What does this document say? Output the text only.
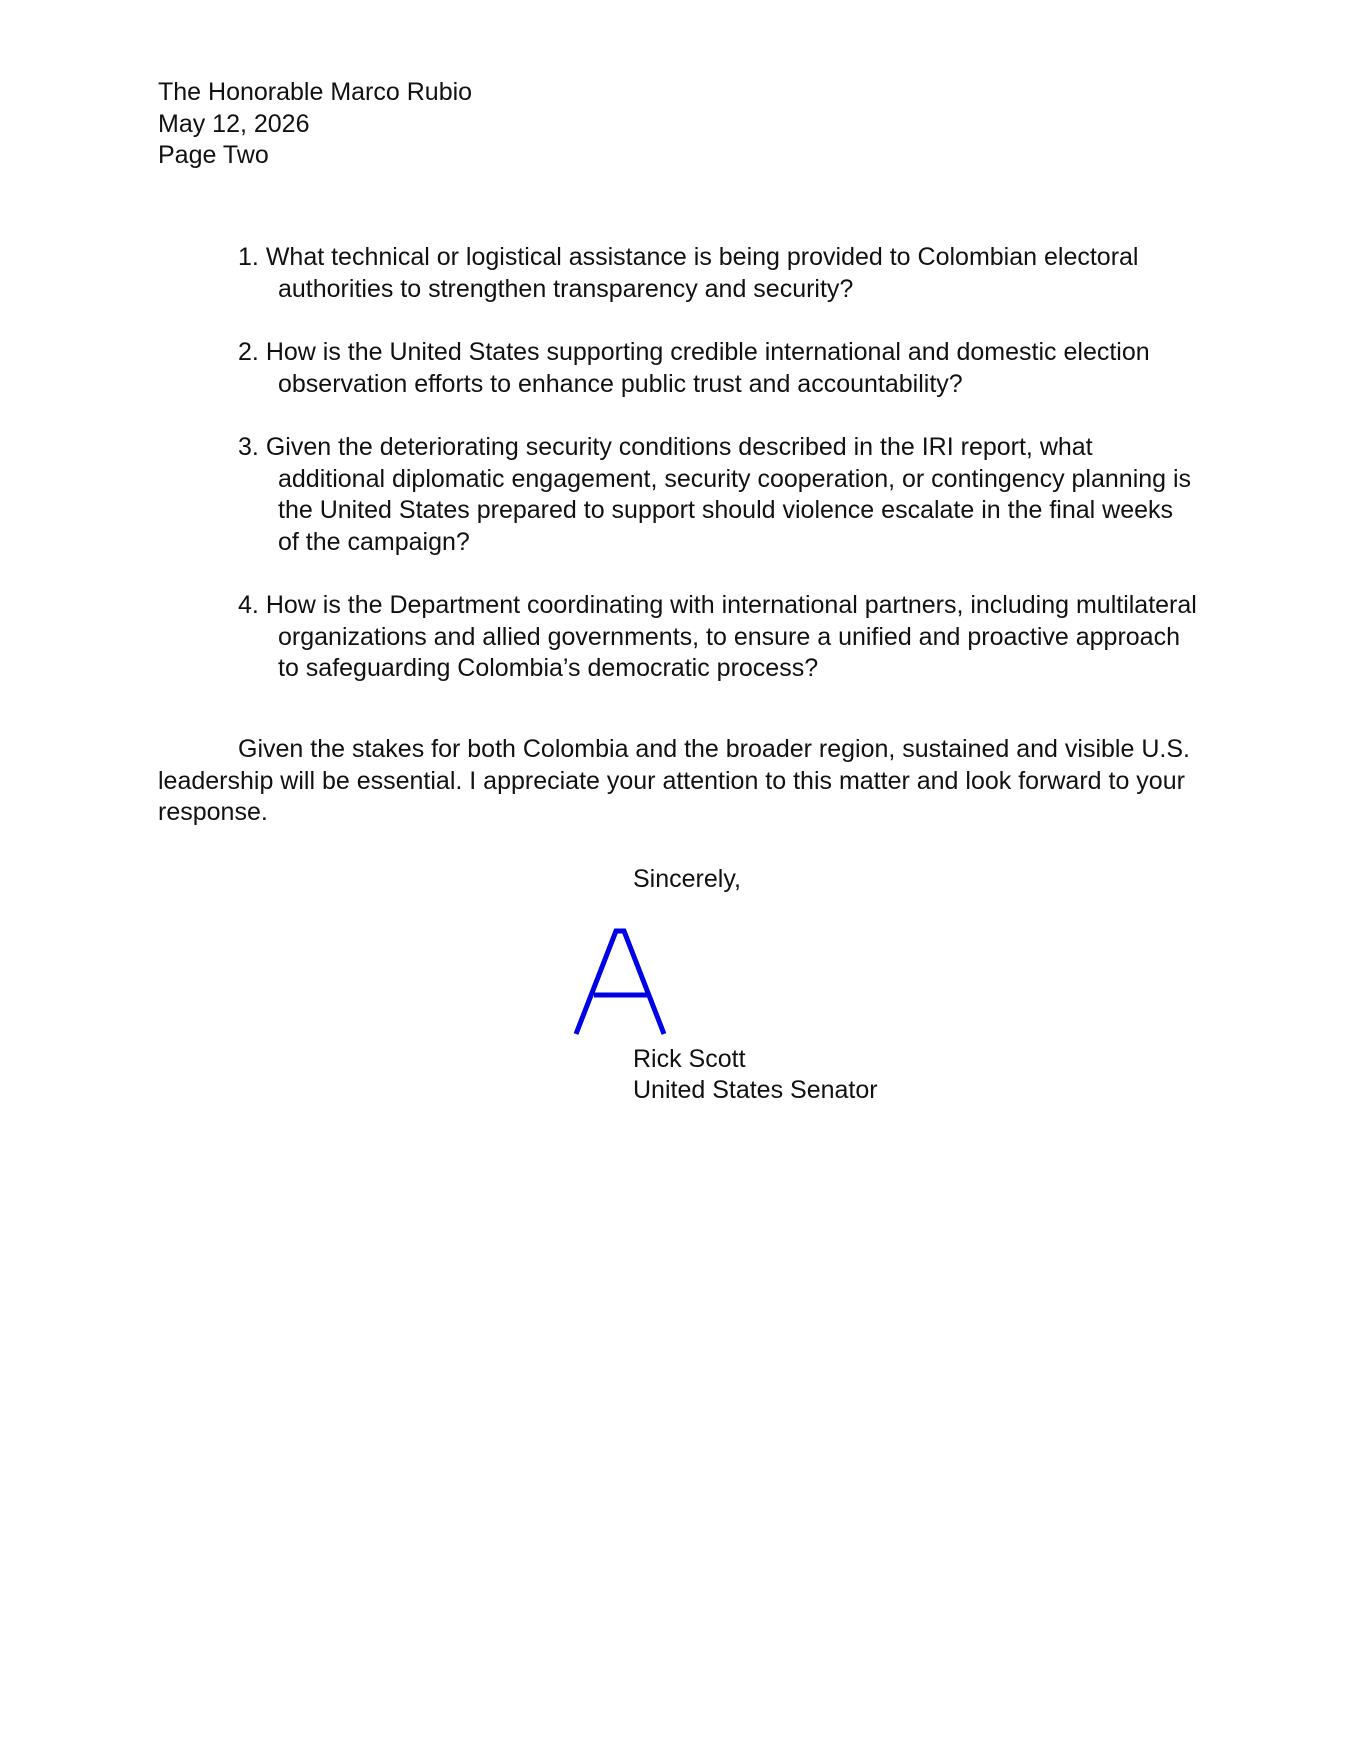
The Honorable Marco Rubio
May 12, 2026
Page Two
1. What technical or logistical assistance is being provided to Colombian electoral authorities to strengthen transparency and security?
2. How is the United States supporting credible international and domestic election observation efforts to enhance public trust and accountability?
3. Given the deteriorating security conditions described in the IRI report, what additional diplomatic engagement, security cooperation, or contingency planning is the United States prepared to support should violence escalate in the final weeks of the campaign?
4. How is the Department coordinating with international partners, including multilateral organizations and allied governments, to ensure a unified and proactive approach to safeguarding Colombia’s democratic process?

Given the stakes for both Colombia and the broader region, sustained and visible U.S. leadership will be essential. I appreciate your attention to this matter and look forward to your response.

Sincerely,
Rick Scott
United States Senator
